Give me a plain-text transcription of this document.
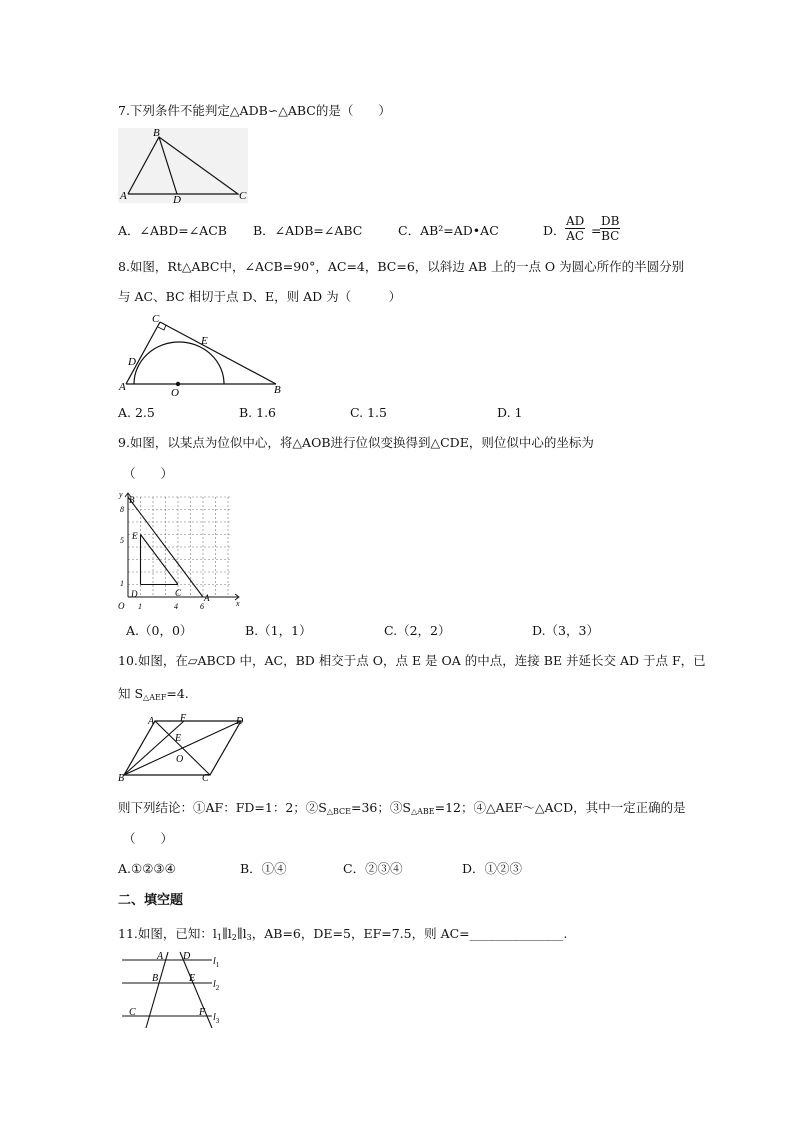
7.下列条件不能判定△ADB∽△ABC的是（　　）
B
A	D	C
A．∠ABD=∠ACB B．∠ADB=∠ABC	C．AB²=AD•AC	D． $\frac{AD}{AC}$ =
$\frac{DB}{BC}$
8.如图，Rt△ABC中，∠ACB=90°，AC=4，BC=6，以斜边 AB 上的一点 O 为圆心所作的半圆分别
与 AC、BC 相切于点 D、E，则 AD 为（　　　）
C
E
D
A	O	B
A. 2.5	B. 1.6	C. 1.5	D. 1
9.如图，以某点为位似中心，将△AOB进行位似变换得到△CDE，则位似中心的坐标为
（　　）
y
B
8
5 E
1
D	C	A
x
O 1	4	6
A.（0，0）	B.（1，1）	C.（2，2）	D.（3，3）
10.如图，在▱ABCD 中，AC，BD 相交于点 O，点 E 是 OA 的中点，连接 BE 并延长交 AD 于点 F，已
知 $S_{\triangle AEF}=4$.
A	F	D
E
O
B	C
则下列结论：①AF：FD=1：2；$②S_{\triangle BCE}=36$；$③S_{\triangle ABE}=12$；④△AEF～△ACD，其中一定正确的是
（　　）
A.①②③④	B．①④	C．②③④	D．①②③
二、填空题
11.如图，已知：$l_1\parallel l_2\parallel l_3$，AB=6，DE=5，EF=7.5，则 AC=_______________.
A D
B	E
C	F
$l_1$
$l_2$
$l_3$
